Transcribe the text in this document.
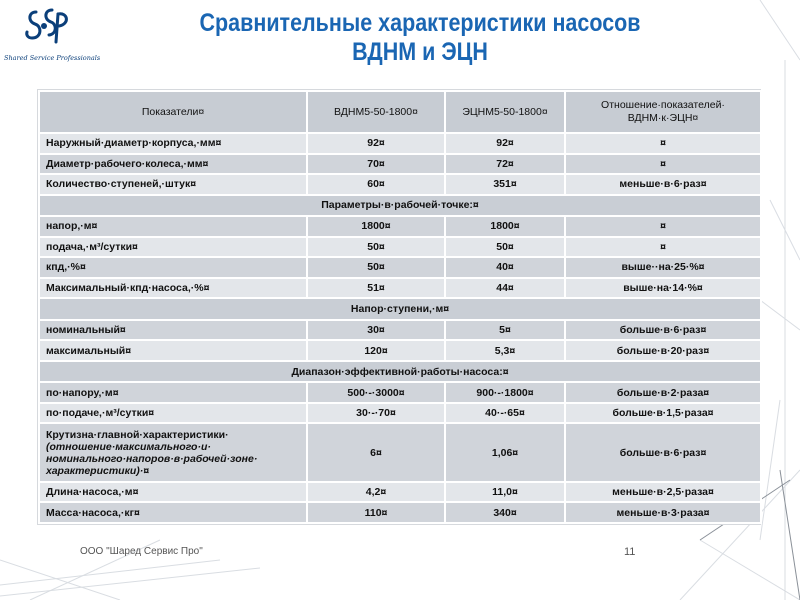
Shared Service Professionals
Сравнительные характеристики насосов
ВДНМ и ЭЦН
Показатели¤	ВДНМ5-50-1800¤	ЭЦНМ5-50-1800¤	Отношение·показателей· ВДНМ·к·ЭЦН¤
Наружный·диаметр·корпуса,·мм¤	92¤	92¤	¤
Диаметр·рабочего·колеса,·мм¤	70¤	72¤	¤
Количество·ступеней,·штук¤	60¤	351¤	меньше·в·6·раз¤
Параметры·в·рабочей·точке:¤			
напор,·м¤	1800¤	1800¤	¤
подача,·м³/сутки¤	50¤	50¤	¤
кпд,·%¤	50¤	40¤	выше··на·25·%¤
Максимальный·кпд·насоса,·%¤	51¤	44¤	выше·на·14·%¤
Напор·ступени,·м¤			
номинальный¤	30¤	5¤	больше·в·6·раз¤
максимальный¤	120¤	5,3¤	больше·в·20·раз¤
Диапазон·эффективной·работы·насоса:¤			
по·напору,·м¤	500·-·3000¤	900·-·1800¤	больше·в·2·раза¤
по·подаче,·м³/сутки¤	30·-·70¤	40·-·65¤	больше·в·1,5·раза¤
Крутизна·главной·характеристики·
(отношение·максимального·и· номинального·напоров·в·рабочей·зоне· характеристики)·¤	6¤	1,06¤	больше·в·6·раз¤
Длина·насоса,·м¤	4,2¤	11,0¤	меньше·в·2,5·раза¤
Масса·насоса,·кг¤	110¤	340¤	меньше·в·3·раза¤
ООО "Шаред Сервис Про"	11
